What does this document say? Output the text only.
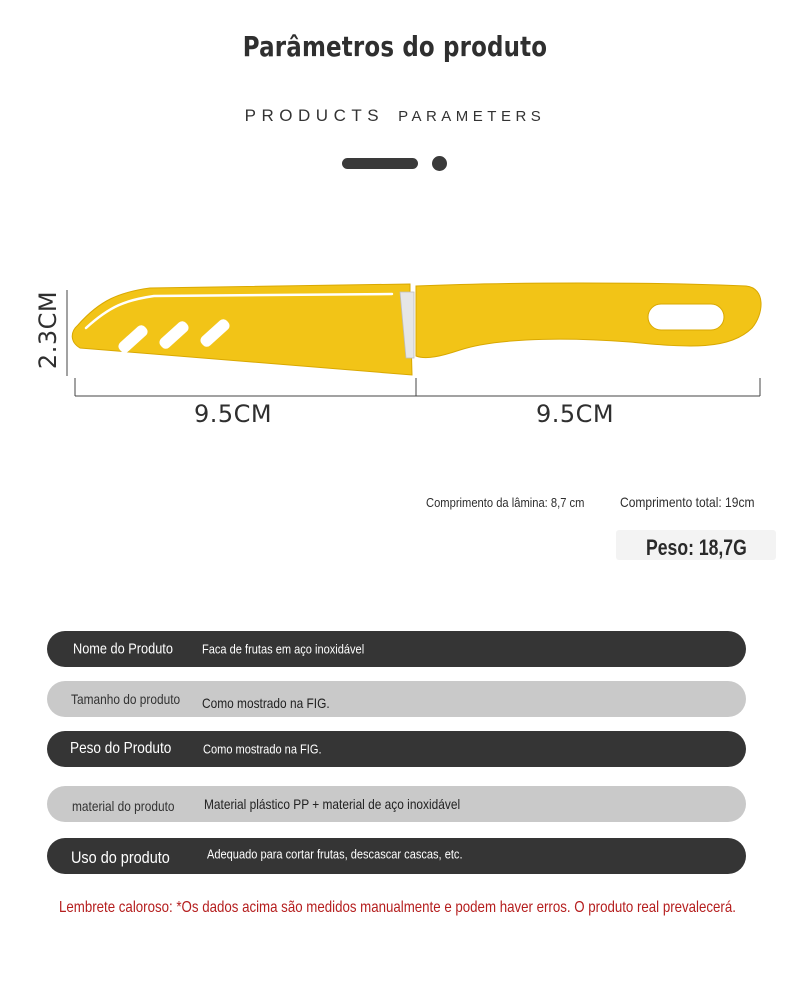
Parâmetros do produto
PRODUCTS PARAMETERS
2.3CM
9.5CM	9.5CM
Comprimento da lâmina: 8,7 cm	Comprimento total: 19cm
Peso: 18,7G
Nome do Produto Faca de frutas em aço inoxidável
Tamanho do produto Como mostrado na FIG.
Peso do Produto Como mostrado na FIG.
material do produto Material plástico PP + material de aço inoxidável
Uso do produto	Adequado para cortar frutas, descascar cascas, etc.
Lembrete caloroso: *Os dados acima são medidos manualmente e podem haver erros. O produto real prevalecerá.
